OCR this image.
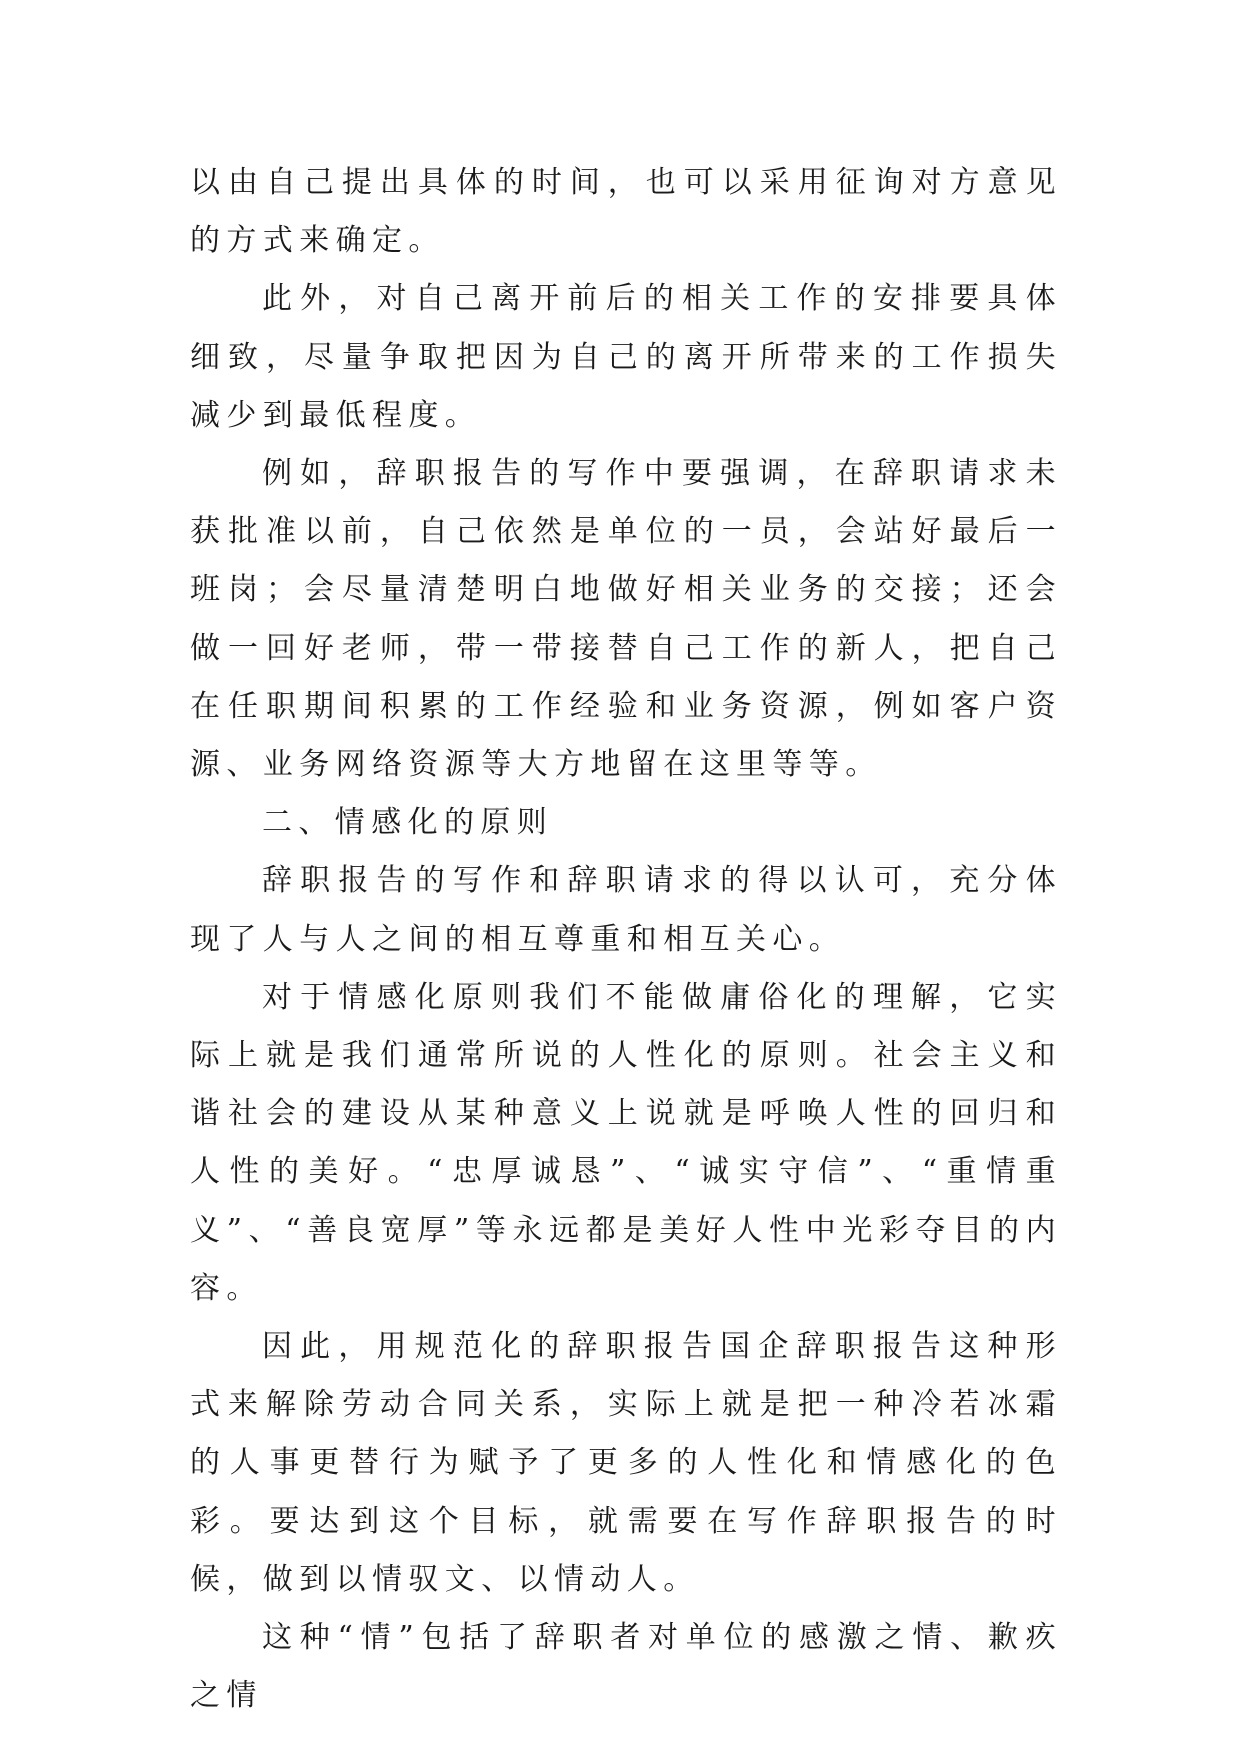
以由自己提出具体的时间，也可以采用征询对方意见的方式来确定。

此外，对自己离开前后的相关工作的安排要具体细致，尽量争取把因为自己的离开所带来的工作损失减少到最低程度。

例如，辞职报告的写作中要强调，在辞职请求未获批准以前，自己依然是单位的一员，会站好最后一班岗；会尽量清楚明白地做好相关业务的交接；还会做一回好老师，带一带接替自己工作的新人，把自己在任职期间积累的工作经验和业务资源，例如客户资源、业务网络资源等大方地留在这里等等。

二、情感化的原则

辞职报告的写作和辞职请求的得以认可，充分体现了人与人之间的相互尊重和相互关心。

对于情感化原则我们不能做庸俗化的理解，它实际上就是我们通常所说的人性化的原则。社会主义和谐社会的建设从某种意义上说就是呼唤人性的回归和人性的美好。“忠厚诚恳”、“诚实守信”、“重情重义”、“善良宽厚”等永远都是美好人性中光彩夺目的内容。

因此，用规范化的辞职报告国企辞职报告这种形式来解除劳动合同关系，实际上就是把一种冷若冰霜的人事更替行为赋予了更多的人性化和情感化的色彩。要达到这个目标，就需要在写作辞职报告的时候，做到以情驭文、以情动人。

这种“情”包括了辞职者对单位的感激之情、歉疚之情
